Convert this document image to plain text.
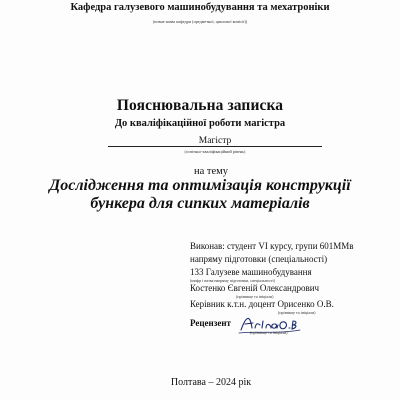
Кафедра галузевого машинобудування та мехатроніки
(повне назва кафедри (предметної, циклової комісії))
Пояснювальна записка
До кваліфікаційної роботи магістра
Магістр
(освітньо-кваліфікаційний рівень)
на тему
Дослідження та оптимізація конструкції
бункера для сипких матеріалів
Виконав: студент VI курсу, групи 601ММв
напряму підготовки (спеціальності)
133 Галузеве машинобудування
(шифр і назва напряму підготовки, спеціальності)
Костенко Євгеній Олександрович
(прізвище та ініціали)
Керівник к.т.н. доцент Орисенко О.В.
(прізвище та ініціали)
Рецензент
(прізвище та ініціали)
Полтава – 2024 рік
